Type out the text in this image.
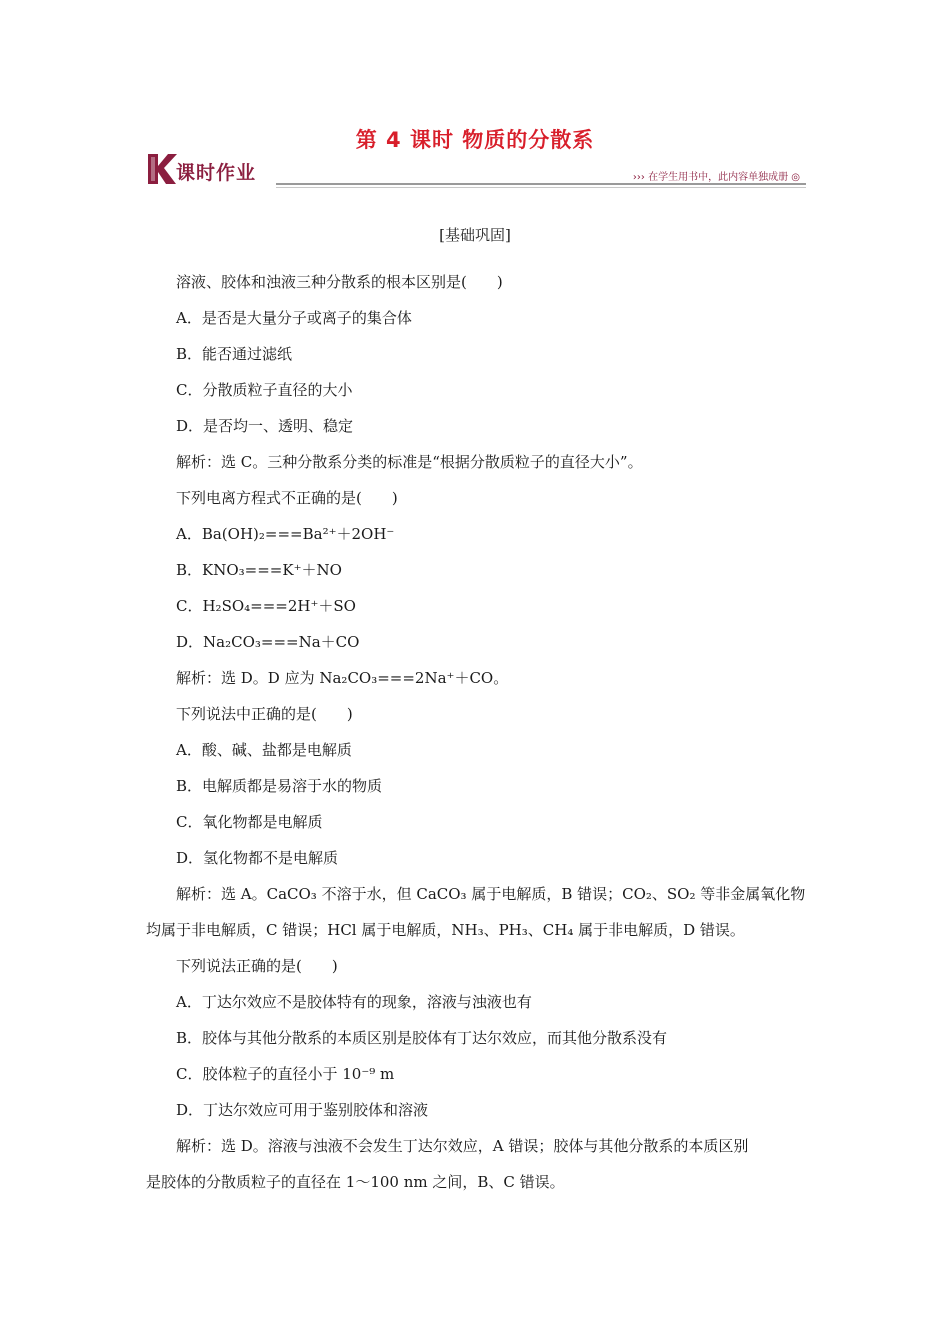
第 4 课时 物质的分散系
课时作业	››› 在学生用书中，此内容单独成册 ◎
[基础巩固]
溶液、胶体和浊液三种分散系的根本区别是(　　)
A．是否是大量分子或离子的集合体
B．能否通过滤纸
C．分散质粒子直径的大小
D．是否均一、透明、稳定
解析：选 C。三种分散系分类的标准是“根据分散质粒子的直径大小”。
下列电离方程式不正确的是(　　)
A．Ba(OH)₂===Ba²⁺＋2OH⁻
B．KNO₃===K⁺＋NO
C．H₂SO₄===2H⁺＋SO
D．Na₂CO₃===Na＋CO
解析：选 D。D 应为 Na₂CO₃===2Na⁺＋CO。
下列说法中正确的是(　　)
A．酸、碱、盐都是电解质
B．电解质都是易溶于水的物质
C．氧化物都是电解质
D．氢化物都不是电解质
解析：选 A。CaCO₃ 不溶于水，但 CaCO₃ 属于电解质，B 错误；CO₂、SO₂ 等非金属氧化物
均属于非电解质，C 错误；HCl 属于电解质，NH₃、PH₃、CH₄ 属于非电解质，D 错误。
下列说法正确的是(　　)
A．丁达尔效应不是胶体特有的现象，溶液与浊液也有
B．胶体与其他分散系的本质区别是胶体有丁达尔效应，而其他分散系没有
C．胶体粒子的直径小于 10⁻⁹ m
D．丁达尔效应可用于鉴别胶体和溶液
解析：选 D。溶液与浊液不会发生丁达尔效应，A 错误；胶体与其他分散系的本质区别
是胶体的分散质粒子的直径在 1～100 nm 之间，B、C 错误。
